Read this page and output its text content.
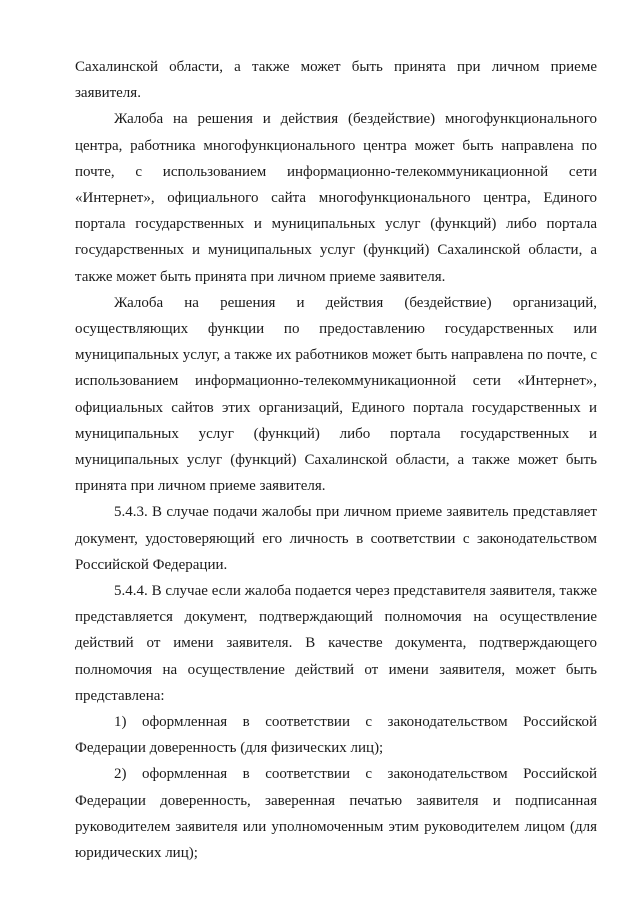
Сахалинской области, а также может быть принята при личном приеме заявителя.

Жалоба на решения и действия (бездействие) многофункционального центра, работника многофункционального центра может быть направлена по почте, с использованием информационно-телекоммуникационной сети «Интернет», официального сайта многофункционального центра, Единого портала государственных и муниципальных услуг (функций) либо портала государственных и муниципальных услуг (функций) Сахалинской области, а также может быть принята при личном приеме заявителя.

Жалоба на решения и действия (бездействие) организаций, осуществляющих функции по предоставлению государственных или муниципальных услуг, а также их работников может быть направлена по почте, с использованием информационно-телекоммуникационной сети «Интернет», официальных сайтов этих организаций, Единого портала государственных и муниципальных услуг (функций) либо портала государственных и муниципальных услуг (функций) Сахалинской области, а также может быть принята при личном приеме заявителя.

5.4.3. В случае подачи жалобы при личном приеме заявитель представляет документ, удостоверяющий его личность в соответствии с законодательством Российской Федерации.

5.4.4. В случае если жалоба подается через представителя заявителя, также представляется документ, подтверждающий полномочия на осуществление действий от имени заявителя. В качестве документа, подтверждающего полномочия на осуществление действий от имени заявителя, может быть представлена:

1) оформленная в соответствии с законодательством Российской Федерации доверенность (для физических лиц);

2) оформленная в соответствии с законодательством Российской Федерации доверенность, заверенная печатью заявителя и подписанная руководителем заявителя или уполномоченным этим руководителем лицом (для юридических лиц);
